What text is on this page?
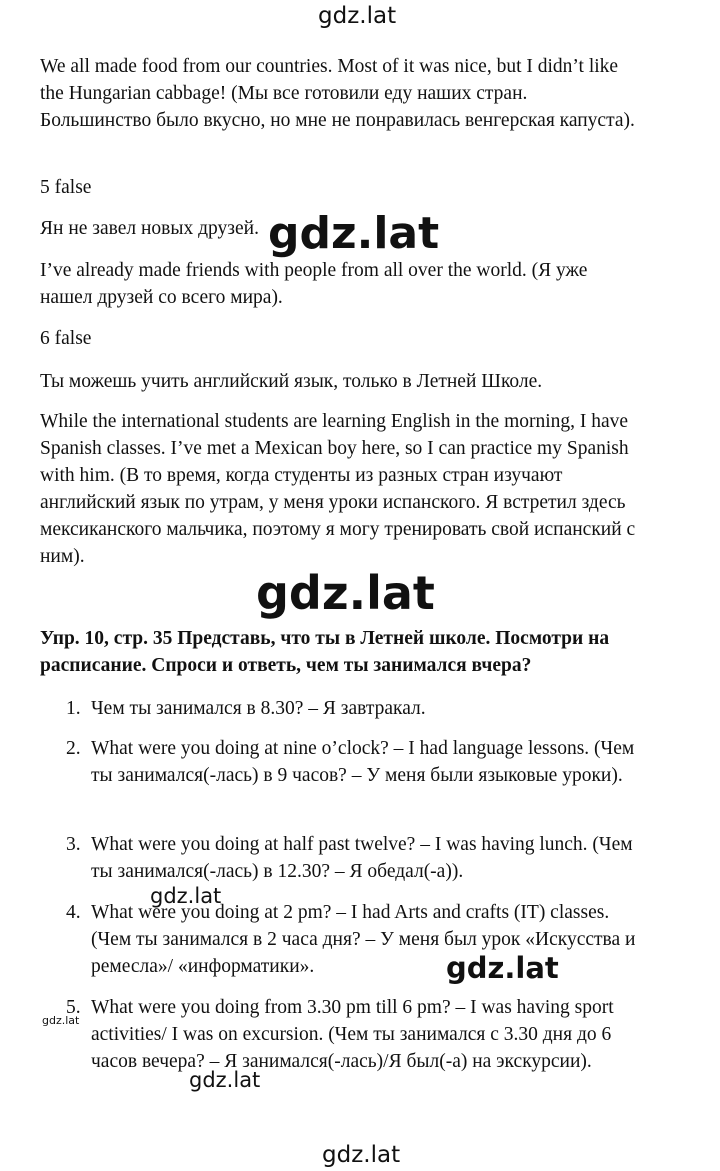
gdz.lat

We all made food from our countries. Most of it was nice, but I didn’t like the Hungarian cabbage! (Мы все готовили еду наших стран. Большинство было вкусно, но мне не понравилась венгерская капуста).

5 false

Ян не завел новых друзей.

I’ve already made friends with people from all over the world. (Я уже нашел друзей со всего мира).

6 false

Ты можешь учить английский язык, только в Летней Школе.

While the international students are learning English in the morning, I have Spanish classes. I’ve met a Mexican boy here, so I can practice my Spanish with him. (В то время, когда студенты из разных стран изучают английский язык по утрам, у меня уроки испанского. Я встретил здесь мексиканского мальчика, поэтому я могу тренировать свой испанский с ним).

gdz.lat
gdz.lat

Упр. 10, стр. 35 Представь, что ты в Летней школе. Посмотри на расписание. Спроси и ответь, чем ты занимался вчера?

1. Чем ты занимался в 8.30? – Я завтракал.
2. What were you doing at nine o’clock? – I had language lessons. (Чем ты занимался(-лась) в 9 часов? – У меня были языковые уроки).
3. What were you doing at half past twelve? – I was having lunch. (Чем ты занимался(-лась) в 12.30? – Я обедал(-а)).
4. What were you doing at 2 pm? – I had Arts and crafts (IT) classes. (Чем ты занимался в 2 часа дня? – У меня был урок «Искусства и ремесла»/ «информатики».
5. What were you doing from 3.30 pm till 6 pm? – I was having sport activities/ I was on excursion. (Чем ты занимался с 3.30 дня до 6 часов вечера? – Я занимался(-лась)/Я был(-а) на экскурсии).
gdz.lat
gdz.lat
gdz.lat
gdz.lat
gdz.lat
